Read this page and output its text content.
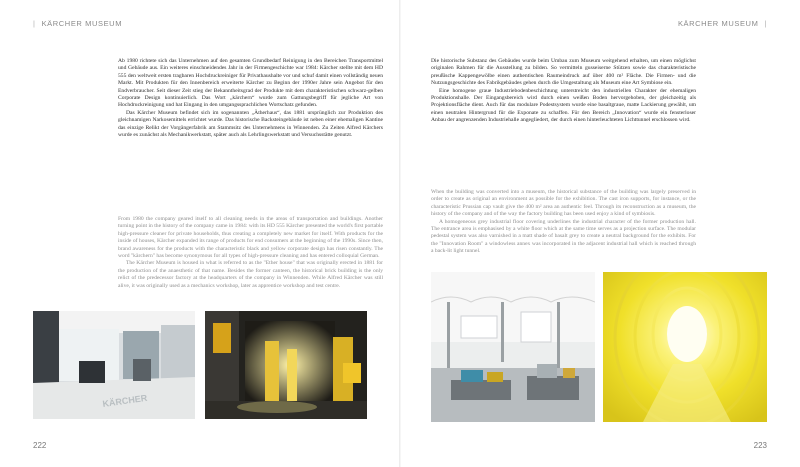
| KÄRCHER MUSEUM

Ab 1980 richtete sich das Unternehmen auf den gesamten Grundbedarf Reinigung in den Bereichen Transportmittel und Gebäude aus. Ein weiteres einschneidendes Jahr in der Firmengeschichte war 1984: Kärcher stellte mit dem HD 555 den weltweit ersten tragbaren Hochdruckreiniger für Privathaushalte vor und schuf damit einen vollständig neuen Markt. Mit Produkten für den Innenbereich erweiterte Kärcher zu Beginn der 1990er Jahre sein Angebot für den Endverbraucher. Seit dieser Zeit stieg der Bekanntheitsgrad der Produkte mit dem charakteristischen schwarz-gelben Corporate Design kontinuierlich. Das Wort „kärchern“ wurde zum Gattungsbegriff für jegliche Art von Hochdruckreinigung und hat Eingang in den umgangssprachlichen Wortschatz gefunden.

Das Kärcher Museum befindet sich im sogenannten „Ätherhaus“, das 1881 ursprünglich zur Produktion des gleichnamigen Narkosemittels errichtet wurde. Das historische Backsteingebäude ist neben einer ehemaligen Kantine das einzige Relikt der Vorgängerfabrik am Stammsitz des Unternehmens in Winnenden. Zu Zeiten Alfred Kärchers wurde es zunächst als Mechanikwerkstatt, später auch als Lehrlingswerkstatt und Versuchsstätte genutzt.

From 1980 the company geared itself to all cleaning needs in the areas of transportation and buildings. Another turning point in the history of the company came in 1984: with its HD 555 Kärcher presented the world's first portable high-pressure cleaner for private households, thus creating a completely new market for itself. With products for the inside of houses, Kärcher expanded its range of products for end consumers at the beginning of the 1990s. Since then, brand awareness for the products with the characteristic black and yellow corporate design has risen constantly. The word "kärchern" has become synonymous for all types of high-pressure cleaning and has entered colloquial German.

The Kärcher Museum is housed in what is referred to as the "Ether house" that was originally erected in 1881 for the production of the anaesthetic of that name. Besides the former canteen, the historical brick building is the only relict of the predecessor factory at the headquarters of the company in Winnenden. While Alfred Kärcher was still alive, it was originally used as a mechanics workshop, later as apprentice workshop and test centre.

KÄRCHER
222
KÄRCHER MUSEUM |

Die historische Substanz des Gebäudes wurde beim Umbau zum Museum weitgehend erhalten, um einen möglichst originalen Rahmen für die Ausstellung zu bilden. So vermitteln gusseiserne Stützen sowie das charakteristische preußische Kappengewölbe einen authentischen Raumeindruck auf über 400 m² Fläche. Die Firmen- und die Nutzungsgeschichte des Fabrikgebäudes gehen durch die Umgestaltung als Museum eine Art Symbiose ein.

Eine homogene graue Industriebodenbeschichtung unterstreicht den industriellen Charakter der ehemaligen Produktionshalle. Der Eingangsbereich wird durch einen weißen Boden hervorgehoben, der gleichzeitig als Projektionsfläche dient. Auch für das modulare Podestsystem wurde eine basaltgraue, matte Lackierung gewählt, um einen neutralen Hintergrund für die Exponate zu schaffen. Für den Bereich „Innovation“ wurde ein fensterloser Anbau der angrenzenden Industriehalle angegliedert, der durch einen hinterleuchteten Lichttunnel erschlossen wird.

When the building was converted into a museum, the historical substance of the building was largely preserved in order to create as original an environment as possible for the exhibition. The cast iron supports, for instance, or the characteristic Prussian cap vault give the 400 m² area an authentic feel. Through its reconstruction as a museum, the history of the company and of the way the factory building has been used enjoy a kind of symbiosis.

A homogeneous grey industrial floor covering underlines the industrial character of the former production hall. The entrance area is emphasised by a white floor which at the same time serves as a projection surface. The modular pedestal system was also varnished in a matt shade of basalt grey to create a neutral background for the exhibits. For the "Innovation Room" a windowless annex was incorporated in the adjacent industrial hall which is reached through a back-lit light tunnel.

223
